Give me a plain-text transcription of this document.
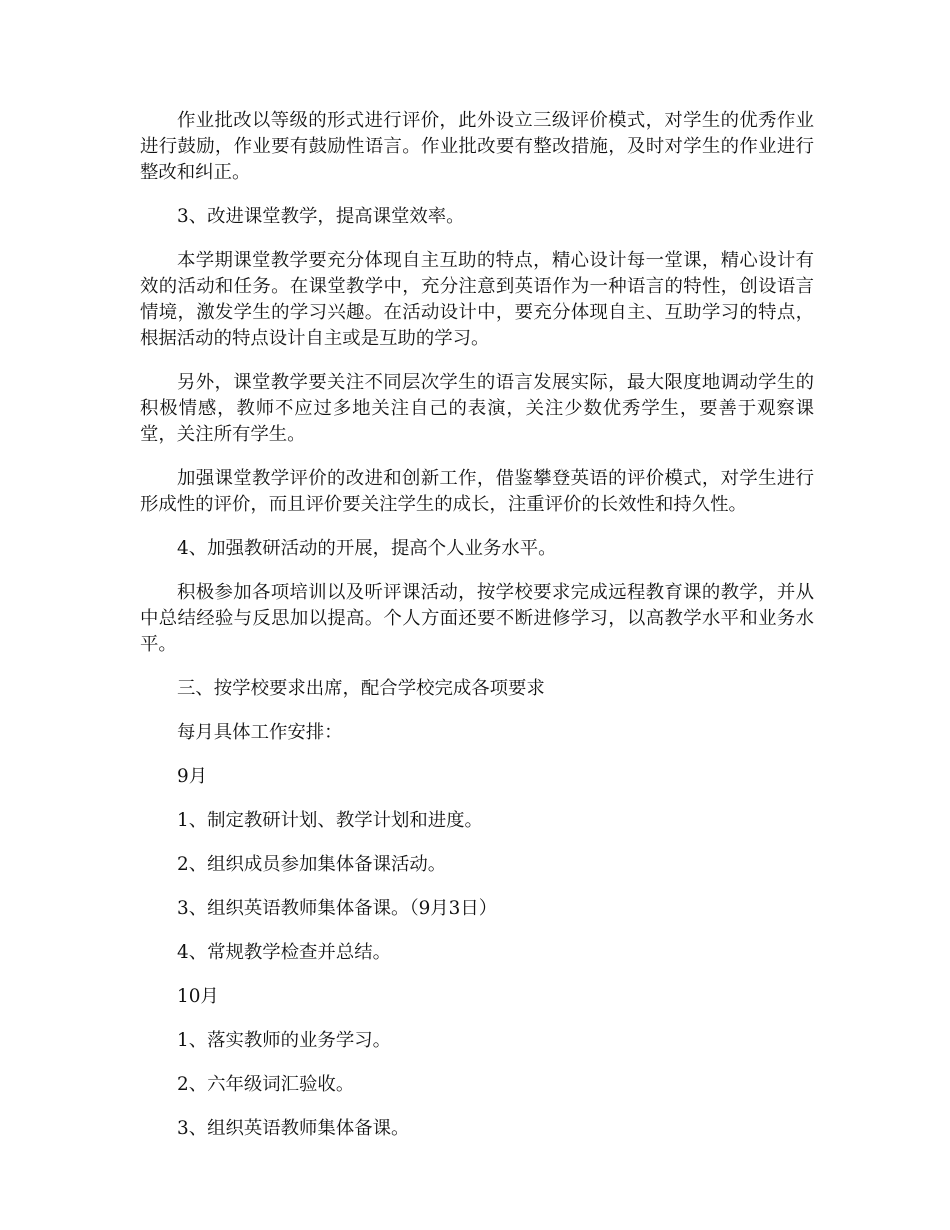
作业批改以等级的形式进行评价，此外设立三级评价模式，对学生的优秀作业进行鼓励，作业要有鼓励性语言。作业批改要有整改措施，及时对学生的作业进行整改和纠正。

3、改进课堂教学，提高课堂效率。

本学期课堂教学要充分体现自主互助的特点，精心设计每一堂课，精心设计有效的活动和任务。在课堂教学中，充分注意到英语作为一种语言的特性，创设语言情境，激发学生的学习兴趣。在活动设计中，要充分体现自主、互助学习的特点，根据活动的特点设计自主或是互助的学习。

另外，课堂教学要关注不同层次学生的语言发展实际，最大限度地调动学生的积极情感，教师不应过多地关注自己的表演，关注少数优秀学生，要善于观察课堂，关注所有学生。

加强课堂教学评价的改进和创新工作，借鉴攀登英语的评价模式，对学生进行形成性的评价，而且评价要关注学生的成长，注重评价的长效性和持久性。

4、加强教研活动的开展，提高个人业务水平。

积极参加各项培训以及听评课活动，按学校要求完成远程教育课的教学，并从中总结经验与反思加以提高。个人方面还要不断进修学习，以高教学水平和业务水平。

三、按学校要求出席，配合学校完成各项要求

每月具体工作安排：

9月

1、制定教研计划、教学计划和进度。

2、组织成员参加集体备课活动。

3、组织英语教师集体备课。（9月3日）

4、常规教学检查并总结。

10月

1、落实教师的业务学习。

2、六年级词汇验收。

3、组织英语教师集体备课。
